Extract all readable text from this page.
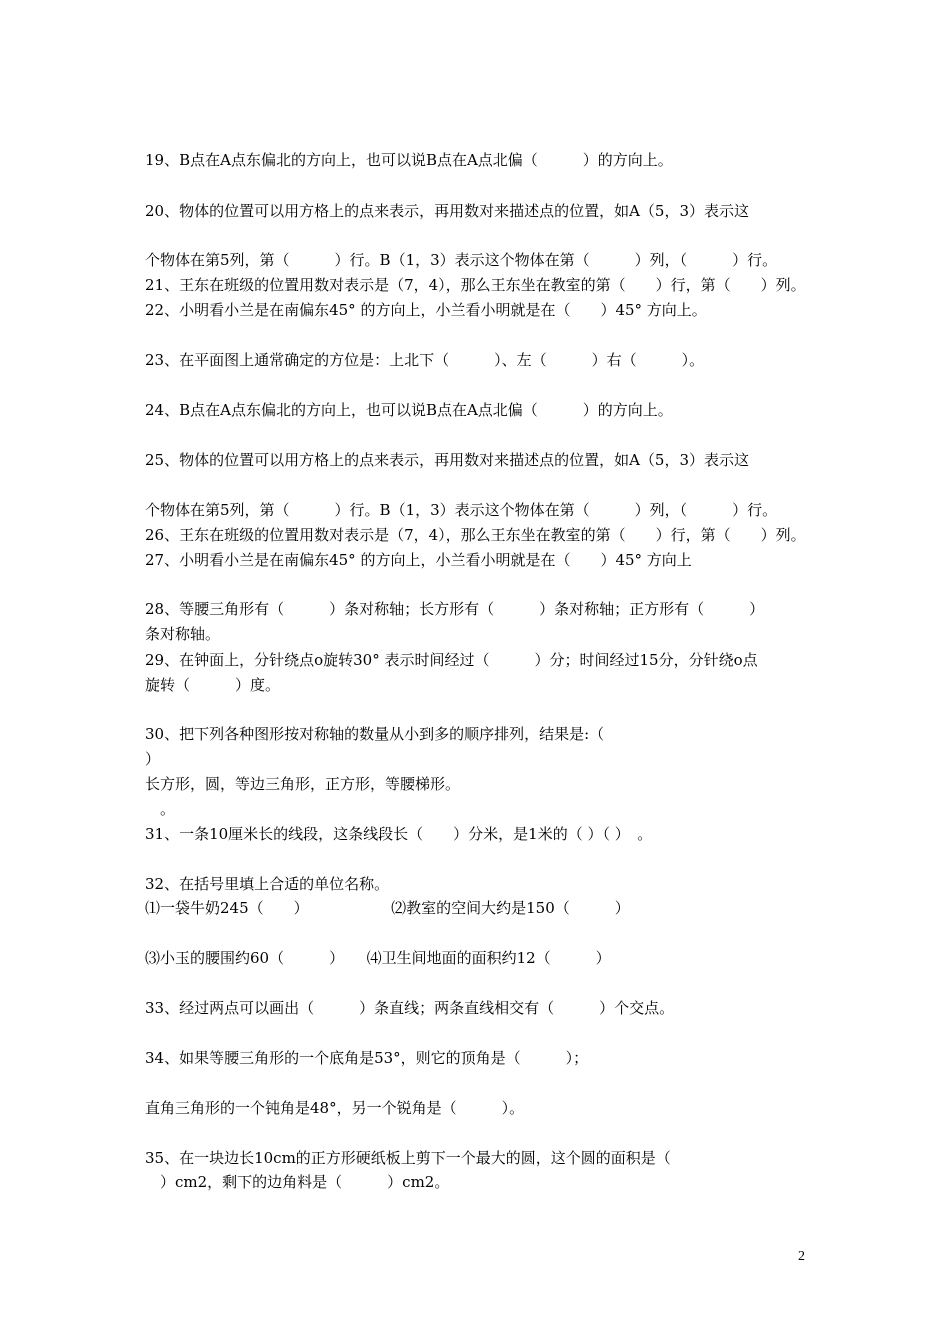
19、B点在A点东偏北的方向上，也可以说B点在A点北偏（　　　）的方向上。
20、物体的位置可以用方格上的点来表示，再用数对来描述点的位置，如A（5，3）表示这
个物体在第5列，第（　　　）行。B（1，3）表示这个物体在第（　　　）列，（　　　）行。
21、王东在班级的位置用数对表示是（7，4），那么王东坐在教室的第（　　）行，第（　　）列。
22、小明看小兰是在南偏东45° 的方向上，小兰看小明就是在（　　）45° 方向上。
23、在平面图上通常确定的方位是：上北下（　　　）、左（　　　）右（　　　）。
24、B点在A点东偏北的方向上，也可以说B点在A点北偏（　　　）的方向上。
25、物体的位置可以用方格上的点来表示，再用数对来描述点的位置，如A（5，3）表示这
个物体在第5列，第（　　　）行。B（1，3）表示这个物体在第（　　　）列，（　　　）行。
26、王东在班级的位置用数对表示是（7，4），那么王东坐在教室的第（　　）行，第（　　）列。
27、小明看小兰是在南偏东45° 的方向上，小兰看小明就是在（　　）45° 方向上
28、等腰三角形有（　　　）条对称轴；长方形有（　　　）条对称轴；正方形有（　　　）
条对称轴。
29、在钟面上，分针绕点o旋转30° 表示时间经过（　　　）分；时间经过15分，分针绕o点
旋转（　　　）度。
30、把下列各种图形按对称轴的数量从小到多的顺序排列，结果是:（
）
长方形，圆，等边三角形，正方形，等腰梯形。
　。
31、一条10厘米长的线段，这条线段长（　　）分米，是1米的（ ）（ ）　。
32、在括号里填上合适的单位名称。
⑴一袋牛奶245（　　）　　　　　　⑵教室的空间大约是150（　　　）
⑶小玉的腰围约60（　　　）　　⑷卫生间地面的面积约12（　　　）
33、经过两点可以画出（　　　）条直线；两条直线相交有（　　　）个交点。
34、如果等腰三角形的一个底角是53°，则它的顶角是（　　　）；
直角三角形的一个钝角是48°，另一个锐角是（　　　）。
35、在一块边长10cm的正方形硬纸板上剪下一个最大的圆，这个圆的面积是（
　）cm2，剩下的边角料是（　　　）cm2。
2
